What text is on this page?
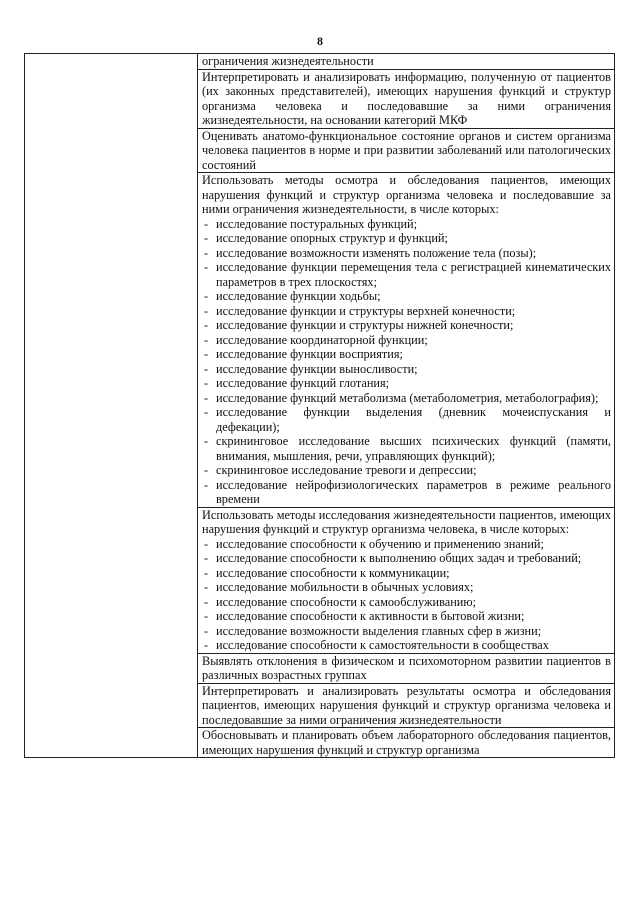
8
	ограничения жизнедеятельности
Интерпретировать и анализировать информацию, полученную от пациентов (их законных представителей), имеющих нарушения функций и структур организма человека и последовавшие за ними ограничения жизнедеятельности, на основании категорий МКФ
Оценивать анатомо-функциональное состояние органов и систем организма человека пациентов в норме и при развитии заболеваний или патологических состояний

Использовать методы осмотра и обследования пациентов, имеющих нарушения функций и структур организма человека и последовавшие за ними ограничения жизнедеятельности, в числе которых:
- исследование постуральных функций;
- исследование опорных структур и функций;
- исследование возможности изменять положение тела (позы);
- исследование функции перемещения тела с регистрацией кинематических параметров в трех плоскостях;
- исследование функции ходьбы;
- исследование функции и структуры верхней конечности;
- исследование функции и структуры нижней конечности;
- исследование координаторной функции;
- исследование функции восприятия;
- исследование функции выносливости;
- исследование функций глотания;
- исследование функций метаболизма (метаболометрия, метаболография);
- исследование функции выделения (дневник мочеиспускания и дефекации);
- скрининговое исследование высших психических функций (памяти, внимания, мышления, речи, управляющих функций);
- скрининговое исследование тревоги и депрессии;
- исследование нейрофизиологических параметров в режиме реального времени

Использовать методы исследования жизнедеятельности пациентов, имеющих нарушения функций и структур организма человека, в числе которых:
- исследование способности к обучению и применению знаний;
- исследование способности к выполнению общих задач и требований;
- исследование способности к коммуникации;
- исследование мобильности в обычных условиях;
- исследование способности к самообслуживанию;
- исследование способности к активности в бытовой жизни;
- исследование возможности выделения главных сфер в жизни;
- исследование способности к самостоятельности в сообществах

Выявлять отклонения в физическом и психомоторном развитии пациентов в различных возрастных группах
Интерпретировать и анализировать результаты осмотра и обследования пациентов, имеющих нарушения функций и структур организма человека и последовавшие за ними ограничения жизнедеятельности
Обосновывать и планировать объем лабораторного обследования пациентов, имеющих нарушения функций и структур организма
